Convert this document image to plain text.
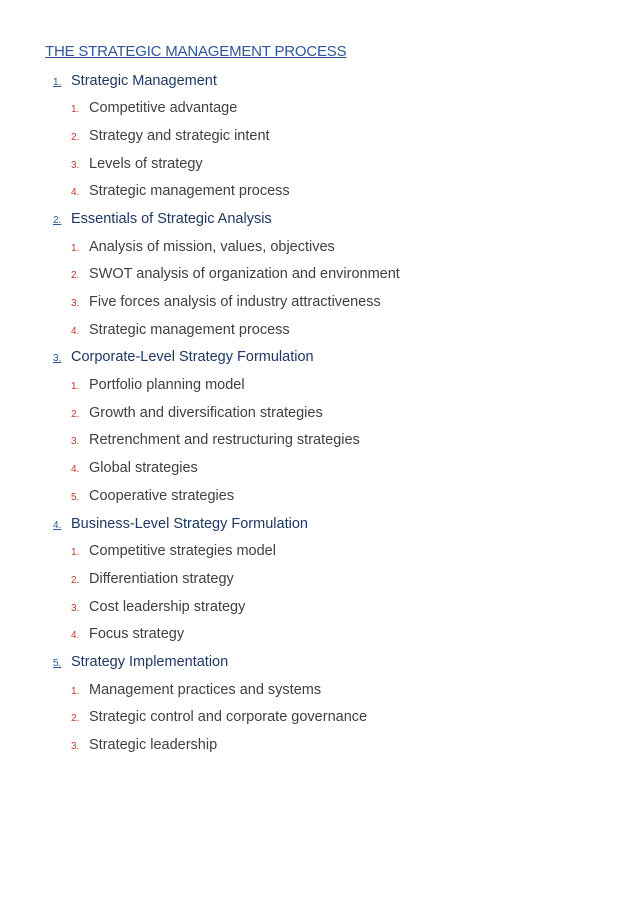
THE STRATEGIC MANAGEMENT PROCESS
1. Strategic Management
1. Competitive advantage
2. Strategy and strategic intent
3. Levels of strategy
4. Strategic management process
2. Essentials of Strategic Analysis
1. Analysis of mission, values, objectives
2. SWOT analysis of organization and environment
3. Five forces analysis of industry attractiveness
4. Strategic management process
3. Corporate-Level Strategy Formulation
1. Portfolio planning model
2. Growth and diversification strategies
3. Retrenchment and restructuring strategies
4. Global strategies
5. Cooperative strategies
4. Business-Level Strategy Formulation
1. Competitive strategies model
2. Differentiation strategy
3. Cost leadership strategy
4. Focus strategy
5. Strategy Implementation
1. Management practices and systems
2. Strategic control and corporate governance
3. Strategic leadership
